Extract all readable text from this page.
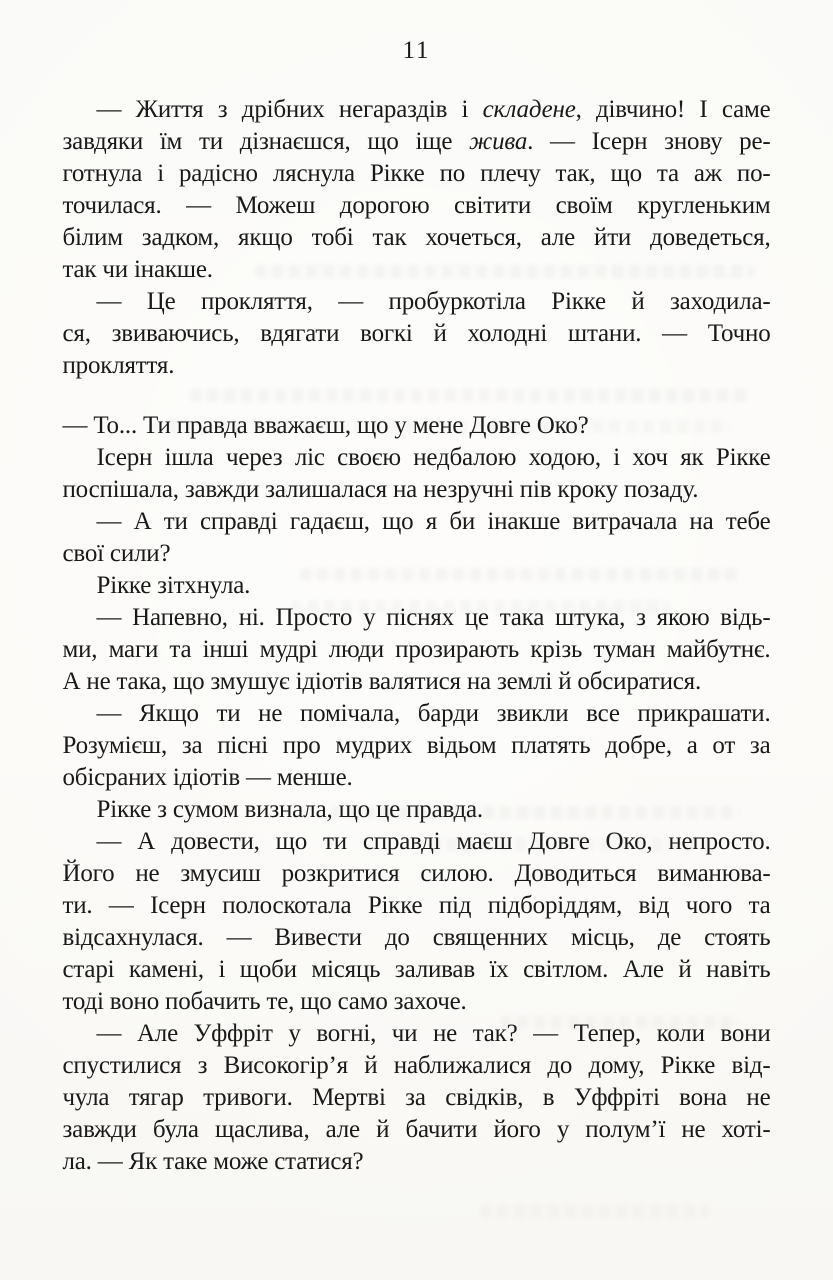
11
— Життя з дрібних негараздів і складене, дівчино! І саме
завдяки їм ти дізнаєшся, що іще жива. — Ісерн знову ре-
готнула і радісно ляснула Рікке по плечу так, що та аж по-
точилася. — Можеш дорогою світити своїм кругленьким
білим задком, якщо тобі так хочеться, але йти доведеться,
так чи інакше.
— Це прокляття, — пробуркотіла Рікке й заходила-
ся, звиваючись, вдягати вогкі й холодні штани. — Точно
прокляття.
— То... Ти правда вважаєш, що у мене Довге Око?
Ісерн ішла через ліс своєю недбалою ходою, і хоч як Рікке
поспішала, завжди залишалася на незручні пів кроку позаду.
— А ти справді гадаєш, що я би інакше витрачала на тебе
свої сили?
Рікке зітхнула.
— Напевно, ні. Просто у піснях це така штука, з якою відь-
ми, маги та інші мудрі люди прозирають крізь туман майбутнє.
А не така, що змушує ідіотів валятися на землі й обсиратися.
— Якщо ти не помічала, барди звикли все прикрашати.
Розумієш, за пісні про мудрих відьом платять добре, а от за
обісраних ідіотів — менше.
Рікке з сумом визнала, що це правда.
— А довести, що ти справді маєш Довге Око, непросто.
Його не змусиш розкритися силою. Доводиться виманюва-
ти. — Ісерн полоскотала Рікке під підборіддям, від чого та
відсахнулася. — Вивести до священних місць, де стоять
старі камені, і щоби місяць заливав їх світлом. Але й навіть
тоді воно побачить те, що само захоче.
— Але Уффріт у вогні, чи не так? — Тепер, коли вони
спустилися з Високогір’я й наближалися до дому, Рікке від-
чула тягар тривоги. Мертві за свідків, в Уффріті вона не
завжди була щаслива, але й бачити його у полум’ї не хоті-
ла. — Як таке може статися?
